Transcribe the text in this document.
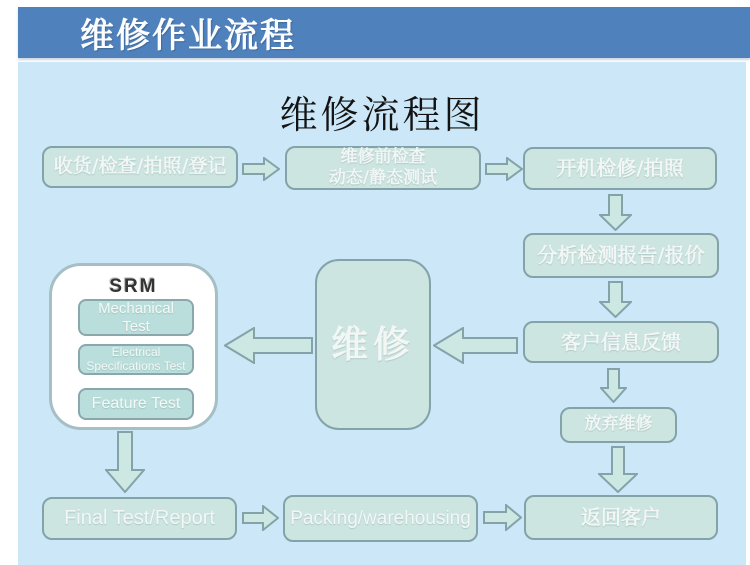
维修作业流程
维修流程图
收货/检查/拍照/登记	维修前检查
动态/静态测试	开机检修/拍照
分析检测报告/报价
客户信息反馈
放弃维修
返回客户
维修
SRM
Mechanical
Test
Electrical
Specifications Test
Feature Test
Final Test/Report	Packing/warehousing
